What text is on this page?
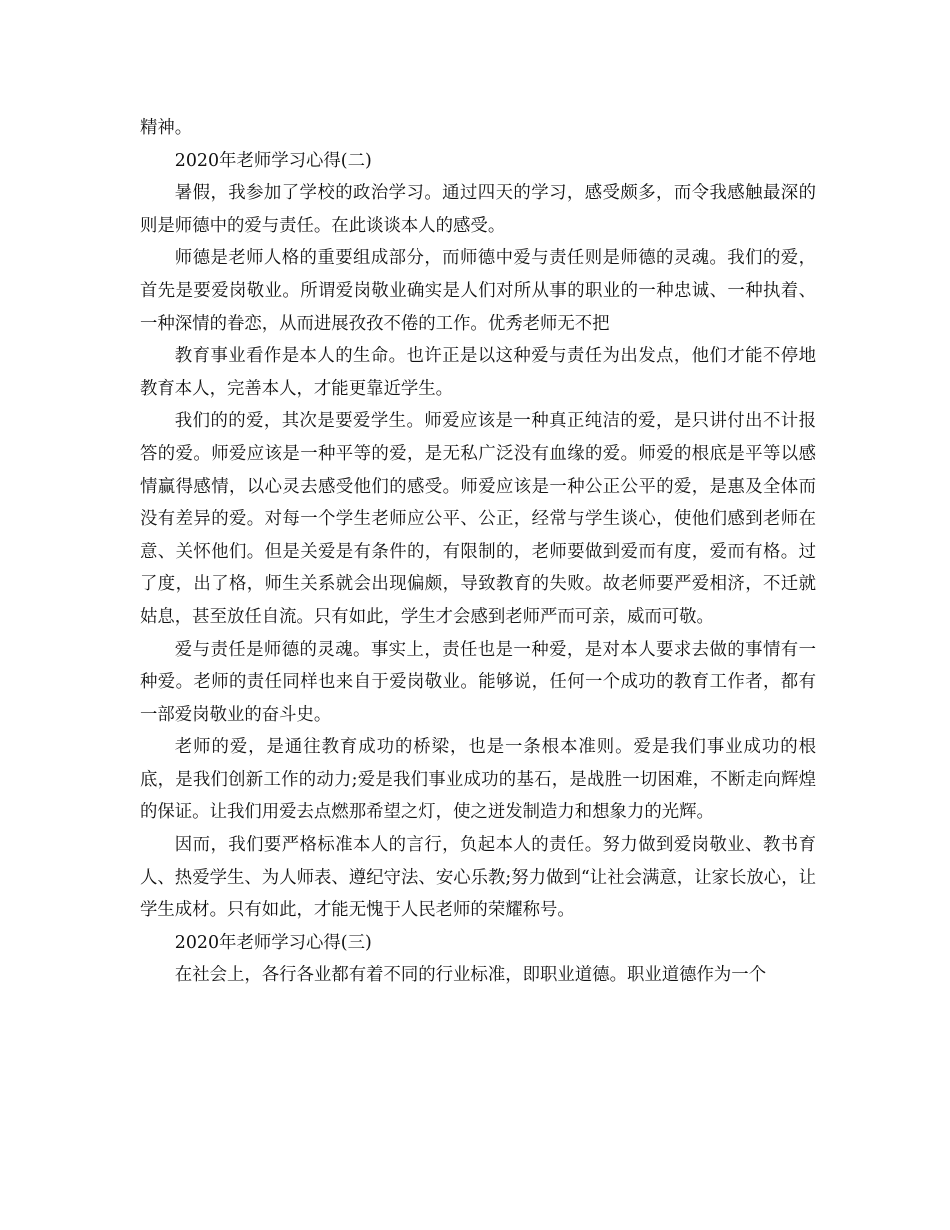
精神。

2020年老师学习心得(二)

暑假，我参加了学校的政治学习。通过四天的学习，感受颇多，而令我感触最深的则是师德中的爱与责任。在此谈谈本人的感受。

师德是老师人格的重要组成部分，而师德中爱与责任则是师德的灵魂。我们的爱，首先是要爱岗敬业。所谓爱岗敬业确实是人们对所从事的职业的一种忠诚、一种执着、一种深情的眷恋，从而进展孜孜不倦的工作。优秀老师无不把

教育事业看作是本人的生命。也许正是以这种爱与责任为出发点，他们才能不停地教育本人，完善本人，才能更靠近学生。

我们的的爱，其次是要爱学生。师爱应该是一种真正纯洁的爱，是只讲付出不计报答的爱。师爱应该是一种平等的爱，是无私广泛没有血缘的爱。师爱的根底是平等以感情赢得感情，以心灵去感受他们的感受。师爱应该是一种公正公平的爱，是惠及全体而没有差异的爱。对每一个学生老师应公平、公正，经常与学生谈心，使他们感到老师在意、关怀他们。但是关爱是有条件的，有限制的，老师要做到爱而有度，爱而有格。过了度，出了格，师生关系就会出现偏颇，导致教育的失败。故老师要严爱相济，不迁就姑息，甚至放任自流。只有如此，学生才会感到老师严而可亲，威而可敬。

爱与责任是师德的灵魂。事实上，责任也是一种爱，是对本人要求去做的事情有一种爱。老师的责任同样也来自于爱岗敬业。能够说，任何一个成功的教育工作者，都有一部爱岗敬业的奋斗史。

老师的爱，是通往教育成功的桥梁，也是一条根本准则。爱是我们事业成功的根底，是我们创新工作的动力;爱是我们事业成功的基石，是战胜一切困难，不断走向辉煌的保证。让我们用爱去点燃那希望之灯，使之迸发制造力和想象力的光辉。

因而，我们要严格标准本人的言行，负起本人的责任。努力做到爱岗敬业、教书育人、热爱学生、为人师表、遵纪守法、安心乐教;努力做到“让社会满意，让家长放心，让学生成材。只有如此，才能无愧于人民老师的荣耀称号。

2020年老师学习心得(三)

在社会上，各行各业都有着不同的行业标准，即职业道德。职业道德作为一个
